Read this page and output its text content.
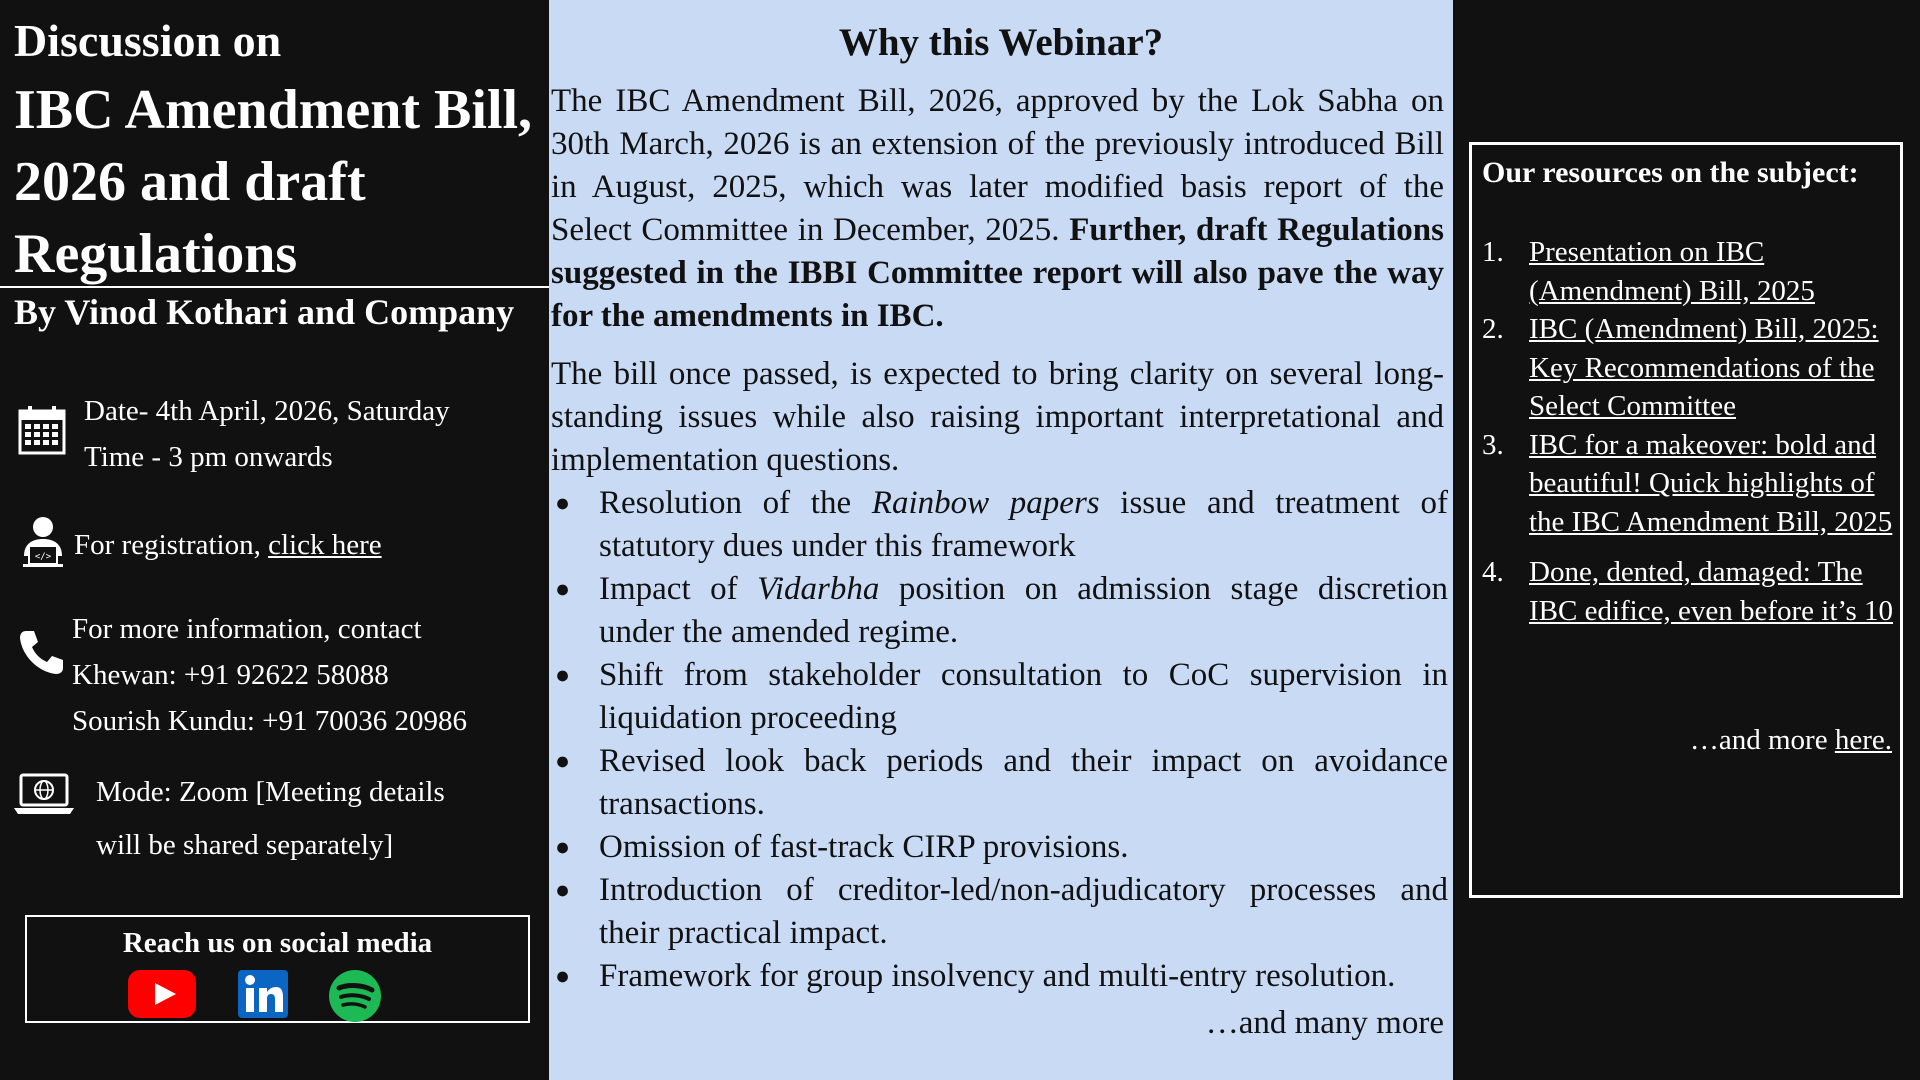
Discussion on
IBC Amendment Bill, 2026 and draft Regulations
By Vinod Kothari and Company
Date- 4th April, 2026, Saturday
Time - 3 pm onwards
</> For registration, click here
For more information, contact
Khewan: +91 92622 58088
Sourish Kundu: +91 70036 20986
Mode: Zoom [Meeting details
will be shared separately]
Reach us on social media
Why this Webinar?

The IBC Amendment Bill, 2026, approved by the Lok Sabha on 30th March, 2026 is an extension of the previously introduced Bill in August, 2025, which was later modified basis report of the Select Committee in December, 2025. Further, draft Regulations suggested in the IBBI Committee report will also pave the way for the amendments in IBC.

The bill once passed, is expected to bring clarity on several long-standing issues while also raising important interpretational and implementation questions.

● Resolution of the Rainbow papers issue and treatment of statutory dues under this framework
● Impact of Vidarbha position on admission stage discretion under the amended regime.
● Shift from stakeholder consultation to CoC supervision in liquidation proceeding
● Revised look back periods and their impact on avoidance transactions.
● Omission of fast-track CIRP provisions.
● Introduction of creditor-led/non-adjudicatory processes and their practical impact.
● Framework for group insolvency and multi-entry resolution.
…and many more
Our resources on the subject:
1. Presentation on IBC (Amendment) Bill, 2025
2. IBC (Amendment) Bill, 2025: Key Recommendations of the Select Committee
3. IBC for a makeover: bold and beautiful! Quick highlights of the IBC Amendment Bill, 2025
4. Done, dented, damaged: The IBC edifice, even before it’s 10
…and more here.
